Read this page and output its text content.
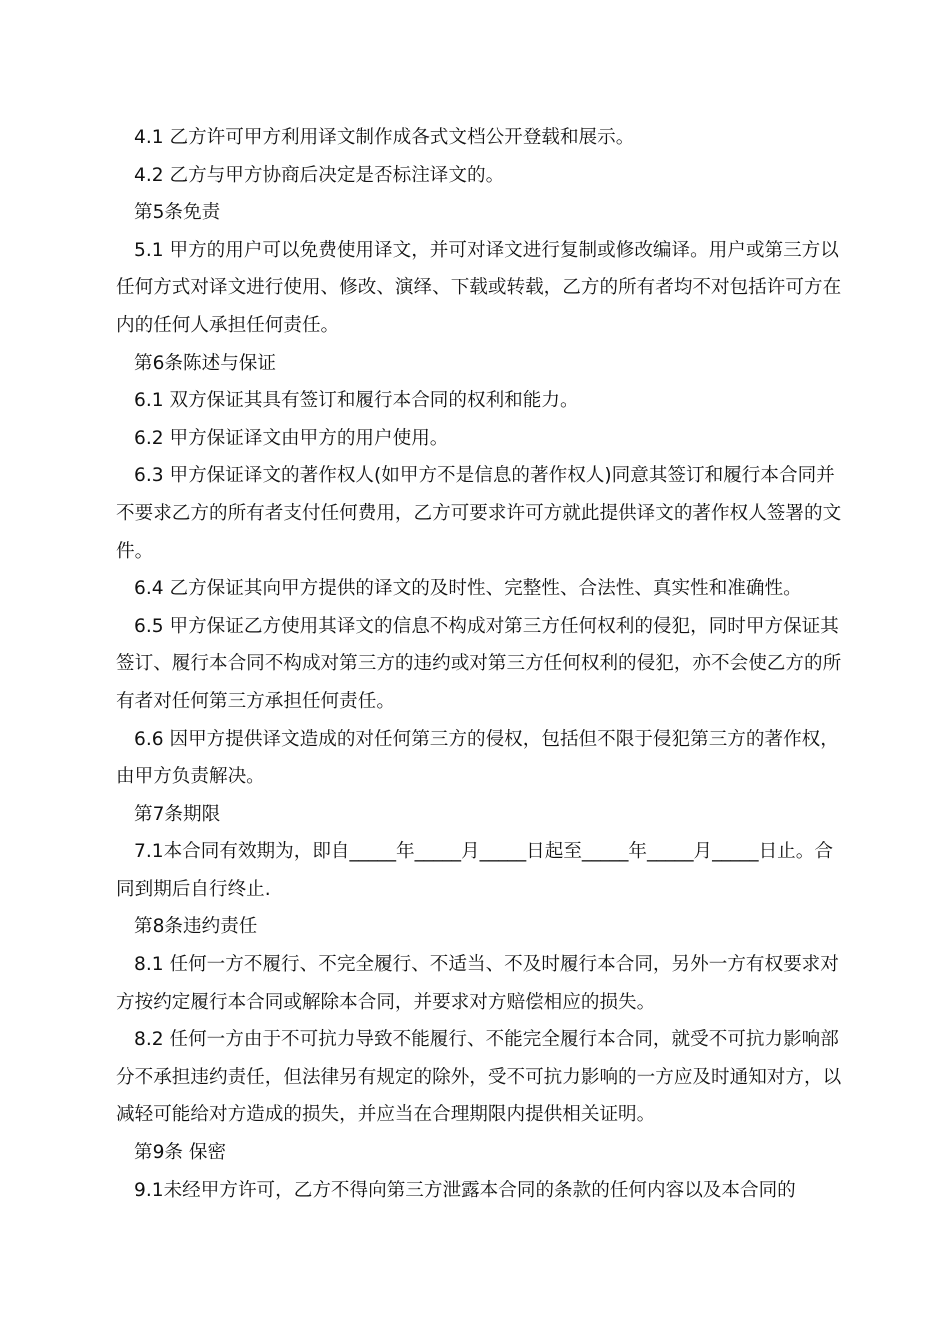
4.1 乙方许可甲方利用译文制作成各式文档公开登载和展示。

4.2 乙方与甲方协商后决定是否标注译文的。

第5条免责

5.1 甲方的用户可以免费使用译文，并可对译文进行复制或修改编译。用户或第三方以任何方式对译文进行使用、修改、演绎、下载或转载，乙方的所有者均不对包括许可方在内的任何人承担任何责任。

第6条陈述与保证

6.1 双方保证其具有签订和履行本合同的权利和能力。

6.2 甲方保证译文由甲方的用户使用。

6.3 甲方保证译文的著作权人(如甲方不是信息的著作权人)同意其签订和履行本合同并不要求乙方的所有者支付任何费用，乙方可要求许可方就此提供译文的著作权人签署的文件。

6.4 乙方保证其向甲方提供的译文的及时性、完整性、合法性、真实性和准确性。

6.5 甲方保证乙方使用其译文的信息不构成对第三方任何权利的侵犯，同时甲方保证其签订、履行本合同不构成对第三方的违约或对第三方任何权利的侵犯，亦不会使乙方的所有者对任何第三方承担任何责任。

6.6 因甲方提供译文造成的对任何第三方的侵权，包括但不限于侵犯第三方的著作权，由甲方负责解决。

第7条期限

7.1本合同有效期为，即自_____年_____月_____日起至_____年_____月_____日止。合同到期后自行终止.

第8条违约责任

8.1 任何一方不履行、不完全履行、不适当、不及时履行本合同，另外一方有权要求对方按约定履行本合同或解除本合同，并要求对方赔偿相应的损失。

8.2 任何一方由于不可抗力导致不能履行、不能完全履行本合同，就受不可抗力影响部分不承担违约责任，但法律另有规定的除外，受不可抗力影响的一方应及时通知对方，以减轻可能给对方造成的损失，并应当在合理期限内提供相关证明。

第9条 保密

9.1未经甲方许可，乙方不得向第三方泄露本合同的条款的任何内容以及本合同的
